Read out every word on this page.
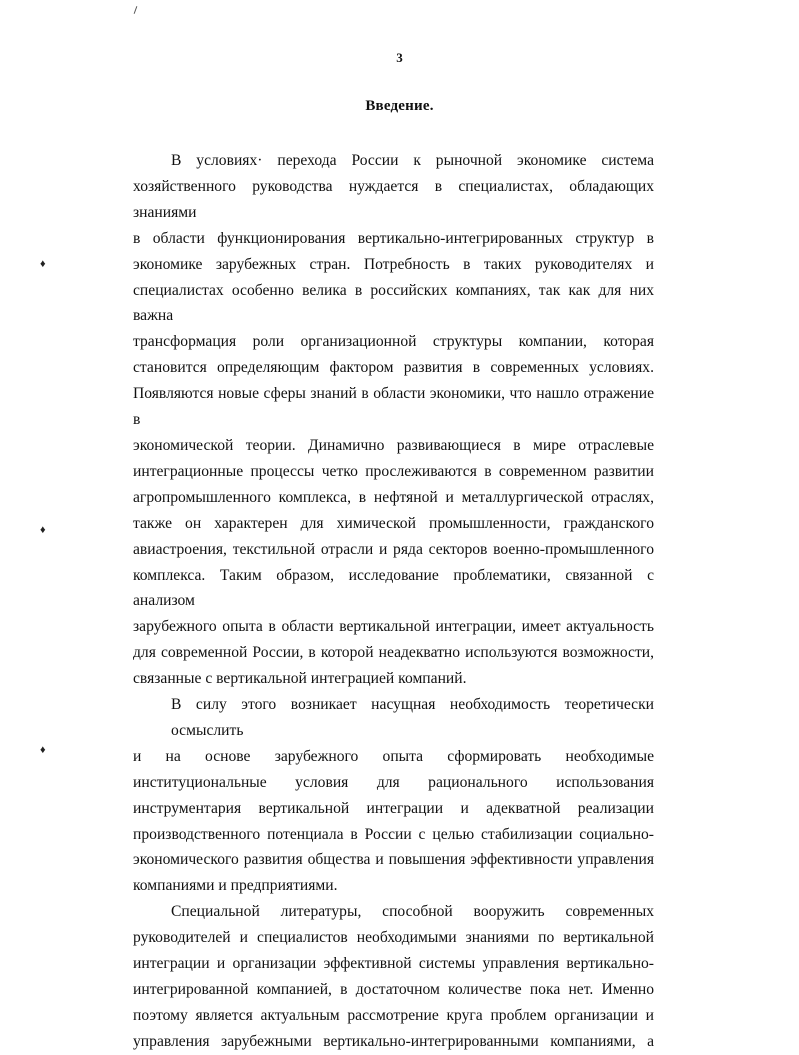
3
Введение.
♦
♦
♦
В условиях· перехода России к рыночной экономике система
хозяйственного руководства нуждается в специалистах, обладающих знаниями
в области функционирования вертикально-интегрированных структур в
экономике зарубежных стран. Потребность в таких руководителях и
специалистах особенно велика в российских компаниях, так как для них важна
трансформация роли организационной структуры компании, которая
становится определяющим фактором развития в современных условиях.
Появляются новые сферы знаний в области экономики, что нашло отражение в
экономической теории. Динамично развивающиеся в мире отраслевые
интеграционные процессы четко прослеживаются в современном развитии
агропромышленного комплекса, в нефтяной и металлургической отраслях,
также он характерен для химической промышленности, гражданского
авиастроения, текстильной отрасли и ряда секторов военно-промышленного
комплекса. Таким образом, исследование проблематики, связанной с анализом
зарубежного опыта в области вертикальной интеграции, имеет актуальность
для современной России, в которой неадекватно используются возможности,
связанные с вертикальной интеграцией компаний.
В силу этого возникает насущная необходимость теоретически осмыслить
и на основе зарубежного опыта сформировать необходимые
институциональные условия для рационального использования
инструментария вертикальной интеграции и адекватной реализации
производственного потенциала в России с целью стабилизации социально-
экономического развития общества и повышения эффективности управления
компаниями и предприятиями.
Специальной литературы, способной вооружить современных
руководителей и специалистов необходимыми знаниями по вертикальной
интеграции и организации эффективной системы управления вертикально-
интегрированной компанией, в достаточном количестве пока нет. Именно
поэтому является актуальным рассмотрение круга проблем организации и
управления зарубежными вертикально-интегрированными компаниями, а
